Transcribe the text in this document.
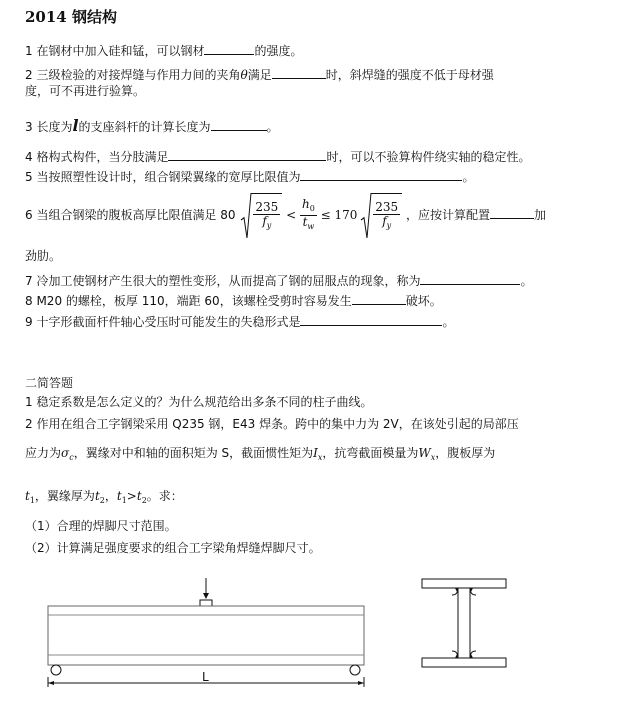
2014 钢结构
1 在钢材中加入硅和锰，可以钢材	的强度。
2 三级检验的对接焊缝与作用力间的夹角θ满足	时，斜焊缝的强度不低于母材强
度，可不再进行验算。
3 长度为l的支座斜杆的计算长度为	。
4 格构式构件，当分肢满足	时，可以不验算构件绕实轴的稳定性。
5 当按照塑性设计时，组合钢梁翼缘的宽厚比限值为	。
6 当组合钢梁的腹板高厚比限值满足 $80 \frac{235}{f_y} < \frac{h_0}{t_w} \le 170 \frac{235}{f_y}$ ，应按计算配置	加
劲肋。
7 冷加工使钢材产生很大的塑性变形，从而提高了钢的屈服点的现象，称为	。
8 M20 的螺栓，板厚 110，端距 60，该螺栓受剪时容易发生	破坏。
9 十字形截面杆件轴心受压时可能发生的失稳形式是	。
二简答题
1 稳定系数是怎么定义的？为什么规范给出多条不同的柱子曲线。
2 作用在组合工字钢梁采用 Q235 钢，E43 焊条。跨中的集中力为 2V，在该处引起的局部压
应力为$\sigma_c$，翼缘对中和轴的面积矩为 S，截面惯性矩为$I_x$，抗弯截面模量为$W_x$，腹板厚为
$t_1$，翼缘厚为$t_2$，$t_1>t_2$。求：
（1）合理的焊脚尺寸范围。
（2）计算满足强度要求的组合工字梁角焊缝焊脚尺寸。
L
